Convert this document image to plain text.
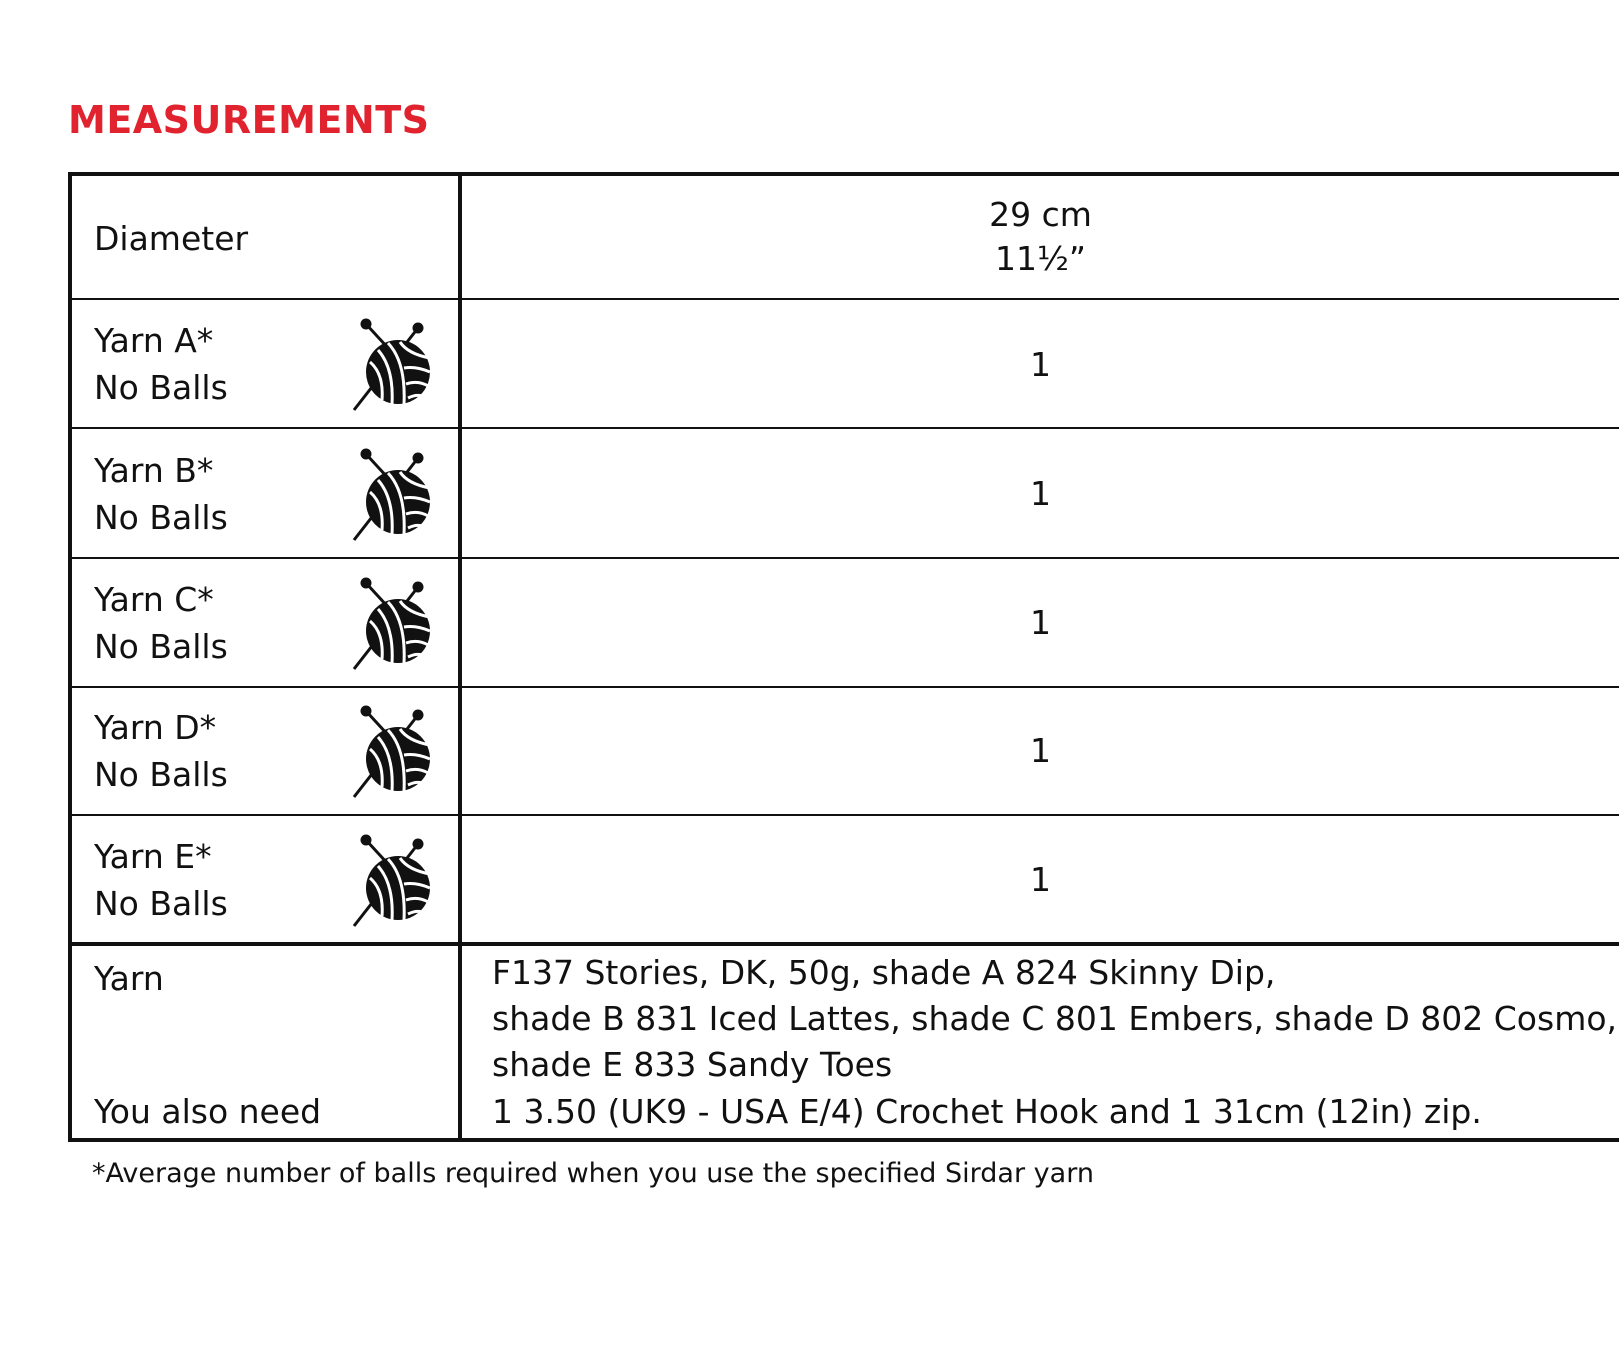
MEASUREMENTS
Diameter
29 cm
11½”
Yarn A*
No Balls
1
Yarn B*
No Balls
1
Yarn C*
No Balls
1
Yarn D*
No Balls
1
Yarn E*
No Balls
1
Yarn	F137 Stories, DK, 50g, shade A 824 Skinny Dip,
shade B 831 Iced Lattes, shade C 801 Embers, shade D 802 Cosmo,
shade E 833 Sandy Toes
You also need	1 3.50 (UK9 - USA E/4) Crochet Hook and 1 31cm (12in) zip.
*Average number of balls required when you use the specified Sirdar yarn
